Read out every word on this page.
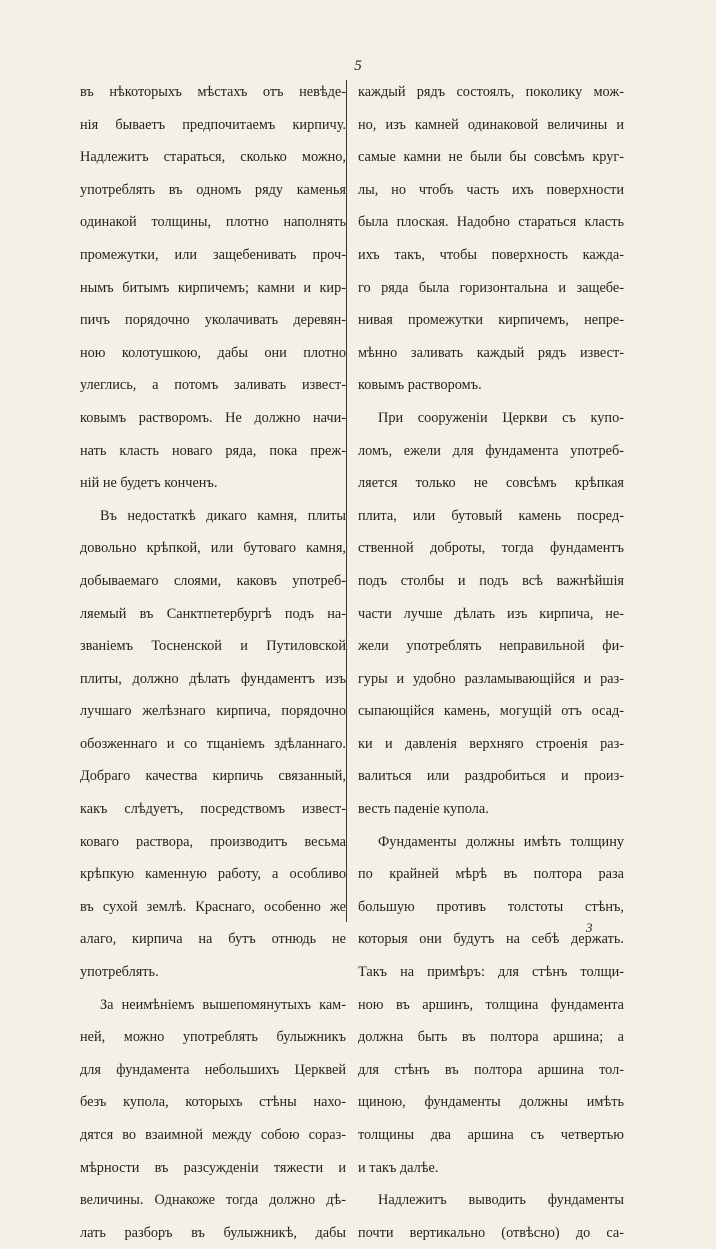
5
въ нѣкоторыхъ мѣстахъ отъ невѣде-
нія бываетъ предпочитаемъ кирпичу.
Надлежитъ стараться, сколько можно,
употреблять въ одномъ ряду каменья
одинакой толщины, плотно наполнять
промежутки, или защебенивать проч-
нымъ битымъ кирпичемъ; камни и кир-
пичъ порядочно уколачивать деревян-
ною колотушкою, дабы они плотно
улеглись, а потомъ заливать извест-
ковымъ растворомъ. Не должно начи-
нать класть новаго ряда, пока преж-
ній не будетъ конченъ.
Въ недостаткѣ дикаго камня, плиты
довольно крѣпкой, или бутоваго камня,
добываемаго слоями, каковъ употреб-
ляемый въ Санктпетербургѣ подъ на-
званіемъ Тосненской и Путиловской
плиты, должно дѣлать фундаментъ изъ
лучшаго желѣзнаго кирпича, порядочно
обозженнаго и со тщаніемъ здѣланнаго.
Добраго качества кирпичь связанный,
какъ слѣдуетъ, посредствомъ извест-
коваго раствора, производитъ весьма
крѣпкую каменную работу, а особливо
въ сухой землѣ. Краснаго, особенно же
алаго, кирпича на бутъ отнюдь не
употреблять.
За неимѣніемъ вышепомянутыхъ кам-
ней, можно употреблять булыжникъ
для фундамента небольшихъ Церквей
безъ купола, которыхъ стѣны нахо-
дятся во взаимной между собою сораз-
мѣрности въ разсужденіи тяжести и
величины. Однакоже тогда должно дѣ-
лать разборъ въ булыжникѣ, дабы
каждый рядъ состоялъ, поколику мож-
но, изъ камней одинаковой величины и
самые камни не были бы совсѣмъ круг-
лы, но чтобъ часть ихъ поверхности
была плоская. Надобно стараться класть
ихъ такъ, чтобы поверхность кажда-
го ряда была горизонтальна и защебе-
нивая промежутки кирпичемъ, непре-
мѣнно заливать каждый рядъ извест-
ковымъ растворомъ.
При сооруженіи Церкви съ купо-
ломъ, ежели для фундамента употреб-
ляется только не совсѣмъ крѣпкая
плита, или бутовый камень посред-
ственной доброты, тогда фундаментъ
подъ столбы и подъ всѣ важнѣйшія
части лучше дѣлать изъ кирпича, не-
жели употреблять неправильной фи-
гуры и удобно разламывающійся и раз-
сыпающійся камень, могущій отъ осад-
ки и давленія верхняго строенія раз-
валиться или раздробиться и произ-
весть паденіе купола.
Фундаменты должны имѣть толщину
по крайней мѣрѣ въ полтора раза
большую противъ толстоты стѣнъ,
которыя они будутъ на себѣ держать.
Такъ на примѣръ: для стѣнъ толщи-
ною въ аршинъ, толщина фундамента
должна быть въ полтора аршина; а
для стѣнъ въ полтора аршина тол-
щиною, фундаменты должны имѣть
толщины два аршина съ четвертью
и такъ далѣе.
Надлежитъ выводить фундаменты
почти вертикально (отвѣсно) до са-
3
